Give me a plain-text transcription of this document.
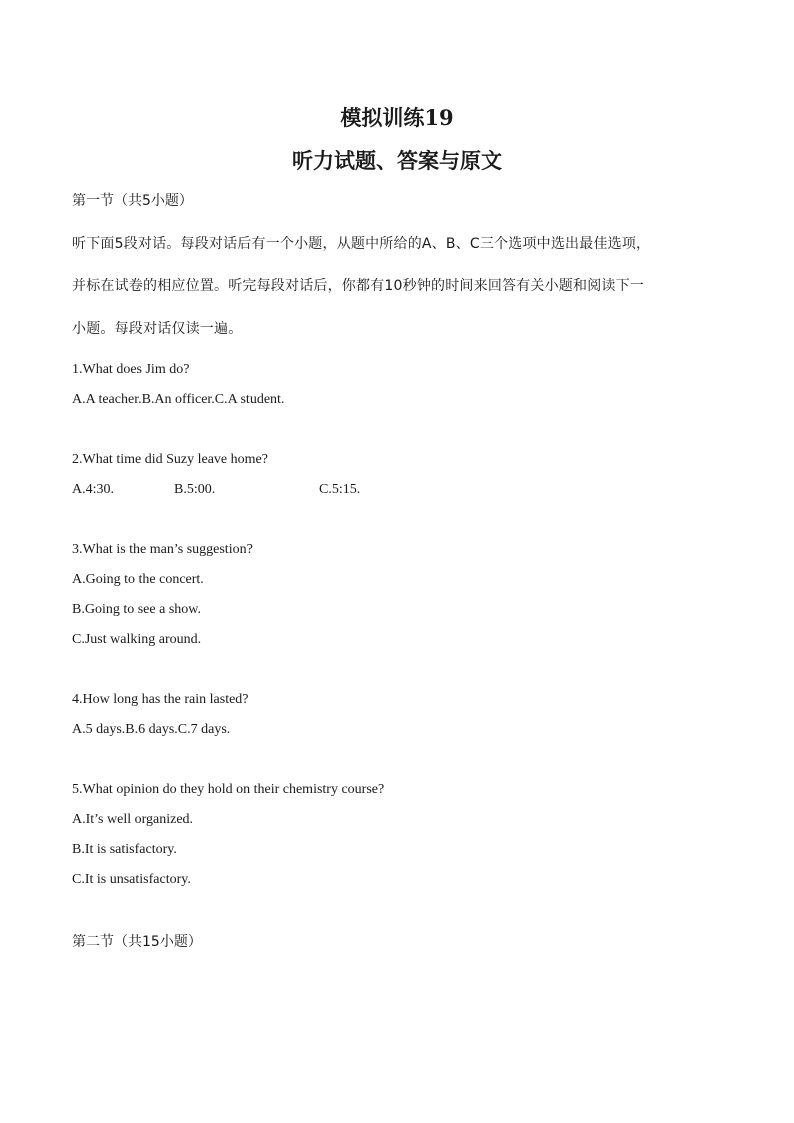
模拟训练19
听力试题、答案与原文

第一节（共5小题）

听下面5段对话。每段对话后有一个小题，从题中所给的A、B、C三个选项中选出最佳选项，

并标在试卷的相应位置。听完每段对话后，你都有10秒钟的时间来回答有关小题和阅读下一

小题。每段对话仅读一遍。

1.What does Jim do?

A.A teacher.B.An officer.C.A student.

2.What time did Suzy leave home?

A.4:30.	B.5:00.	C.5:15.

3.What is the man’s suggestion?

A.Going to the concert.

B.Going to see a show.

C.Just walking around.

4.How long has the rain lasted?

A.5 days.B.6 days.C.7 days.

5.What opinion do they hold on their chemistry course?

A.It’s well organized.

B.It is satisfactory.

C.It is unsatisfactory.

第二节（共15小题）
